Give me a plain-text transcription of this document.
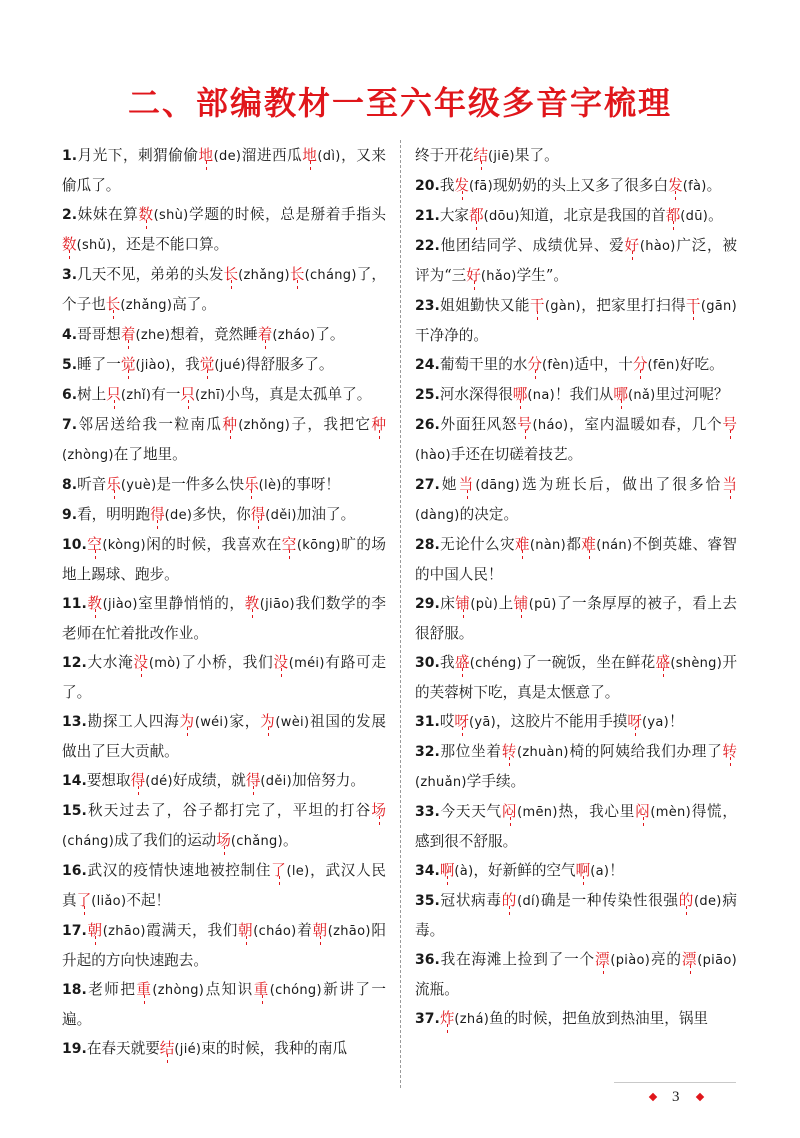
二、部编教材一至六年级多音字梳理
1 . 月光下，刺猬偷偷地 ( de ) 溜进西瓜地 ( dì ) ，又来偷瓜了。
2 . 妹妹在算数 ( shù ) 学题的时候，总是掰着手指头数 ( shǔ ) ，还是不能口算。
3 . 几天不见，弟弟的头发长 ( zhǎng ) 长 ( cháng ) 了，个子也长 ( zhǎng ) 高了。
4 . 哥哥想着 ( zhe ) 想着，竟然睡着 ( zháo ) 了。
5 . 睡了一觉 ( jiào ) ，我觉 ( jué ) 得舒服多了。
6 . 树上只 ( zhǐ ) 有一只 ( zhī ) 小鸟，真是太孤单了。
7 . 邻居送给我一粒南瓜种 ( zhǒng ) 子，我把它种( zhòng ) 在了地里。
8 . 听音乐 ( yuè ) 是一件多么快乐 ( lè ) 的事呀！
9 . 看，明明跑得 ( de ) 多快，你得 ( děi ) 加油了。
10 . 空 ( kòng ) 闲的时候，我喜欢在空 ( kōng ) 旷的场地上踢球、跑步。
11 . 教 ( jiào ) 室里静悄悄的，教 ( jiāo ) 我们数学的李老师在忙着批改作业。
12 . 大水淹没 ( mò ) 了小桥，我们没 ( méi ) 有路可走了。
13 . 勘探工人四海为 ( wéi ) 家，为 ( wèi ) 祖国的发展做出了巨大贡献。
14 . 要想取得 ( dé ) 好成绩，就得 ( děi ) 加倍努力。
15 . 秋天过去了，谷子都打完了，平坦的打谷场( cháng ) 成了我们的运动场 ( chǎng ) 。
16 . 武汉的疫情快速地被控制住了 ( le ) ，武汉人民真了 ( liǎo ) 不起！
17 . 朝 ( zhāo ) 霞满天，我们朝 ( cháo ) 着朝 ( zhāo ) 阳升起的方向快速跑去。
18 . 老师把重 ( zhòng ) 点知识重 ( chóng ) 新讲了一遍。
19 . 在春天就要结 ( jié ) 束的时候，我种的南瓜
终于开花结 ( jiē ) 果了。
20 . 我发 ( fā ) 现奶奶的头上又多了很多白发 ( fà ) 。
21 . 大家都 ( dōu ) 知道，北京是我国的首都 ( dū ) 。
22 . 他团结同学、成绩优异、爱好 ( hào ) 广泛，被评为“三好 ( hǎo ) 学生”。
23 . 姐姐勤快又能干 ( gàn ) ，把家里打扫得干 ( gān )干净净的。
24 . 葡萄干里的水分 ( fèn ) 适中，十分 ( fēn ) 好吃。
25 . 河水深得很哪 ( na ) ！我们从哪 ( nǎ ) 里过河呢？
26 . 外面狂风怒号 ( háo ) ，室内温暖如春，几个号( hào ) 手还在切磋着技艺。
27 . 她当 ( dāng ) 选为班长后，做出了很多恰当( dàng ) 的决定。
28 . 无论什么灾难 ( nàn ) 都难 ( nán ) 不倒英雄、睿智的中国人民！
29 . 床铺 ( pù ) 上铺 ( pū ) 了一条厚厚的被子，看上去很舒服。
30 . 我盛 ( chéng ) 了一碗饭，坐在鲜花盛 ( shèng ) 开的芙蓉树下吃，真是太惬意了。
31 . 哎呀 ( yā ) ，这胶片不能用手摸呀 ( ya ) ！
32 . 那位坐着转 ( zhuàn ) 椅的阿姨给我们办理了转( zhuǎn ) 学手续。
33 . 今天天气闷 ( mēn ) 热，我心里闷 ( mèn ) 得慌，感到很不舒服。
34 . 啊 ( à ) ，好新鲜的空气啊 ( a ) ！
35 . 冠状病毒的 ( dí ) 确是一种传染性很强的 ( de ) 病毒。
36 . 我在海滩上捡到了一个漂 ( piào ) 亮的漂 ( piāo )流瓶。
37 . 炸 ( zhá ) 鱼的时候，把鱼放到热油里，锅里
3
